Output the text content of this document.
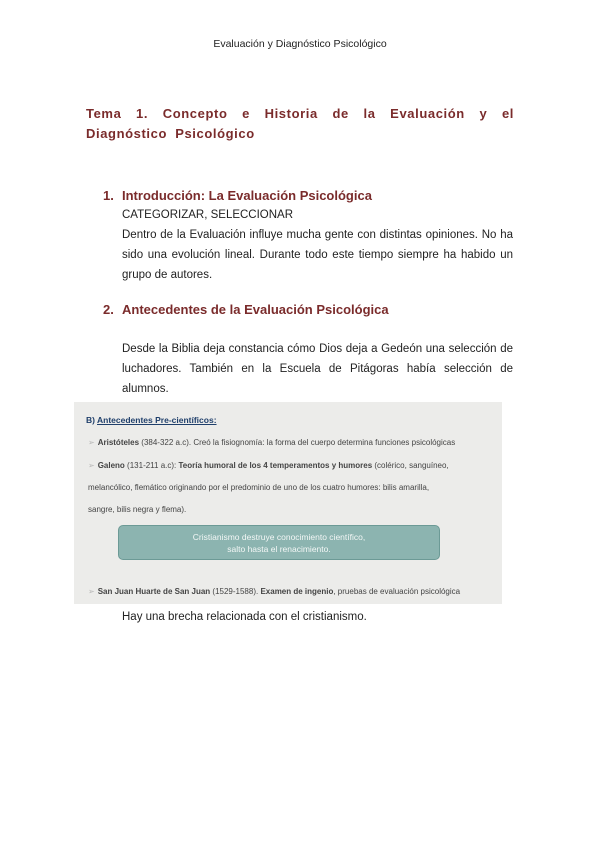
Evaluación y Diagnóstico Psicológico
Tema 1. Concepto e Historia de la Evaluación y el Diagnóstico Psicológico
1. Introducción: La Evaluación Psicológica
CATEGORIZAR, SELECCIONAR
Dentro de la Evaluación influye mucha gente con distintas opiniones. No ha sido una evolución lineal. Durante todo este tiempo siempre ha habido un grupo de autores.
2. Antecedentes de la Evaluación Psicológica
Desde la Biblia deja constancia cómo Dios deja a Gedeón una selección de luchadores. También en la Escuela de Pitágoras había selección de alumnos.
B) Antecedentes Pre-científicos:
➢ Aristóteles (384-322 a.c). Creó la fisiognomía: la forma del cuerpo determina funciones psicológicas
➢ Galeno (131-211 a.c): Teoría humoral de los 4 temperamentos y humores (colérico, sanguíneo,
melancólico, flemático originando por el predominio de uno de los cuatro humores: bilis amarilla,
sangre, bilis negra y flema).
Cristianismo destruye conocimiento científico,
salto hasta el renacimiento.
➢ San Juan Huarte de San Juan (1529-1588). Examen de ingenio, pruebas de evaluación psicológica
Hay una brecha relacionada con el cristianismo.
